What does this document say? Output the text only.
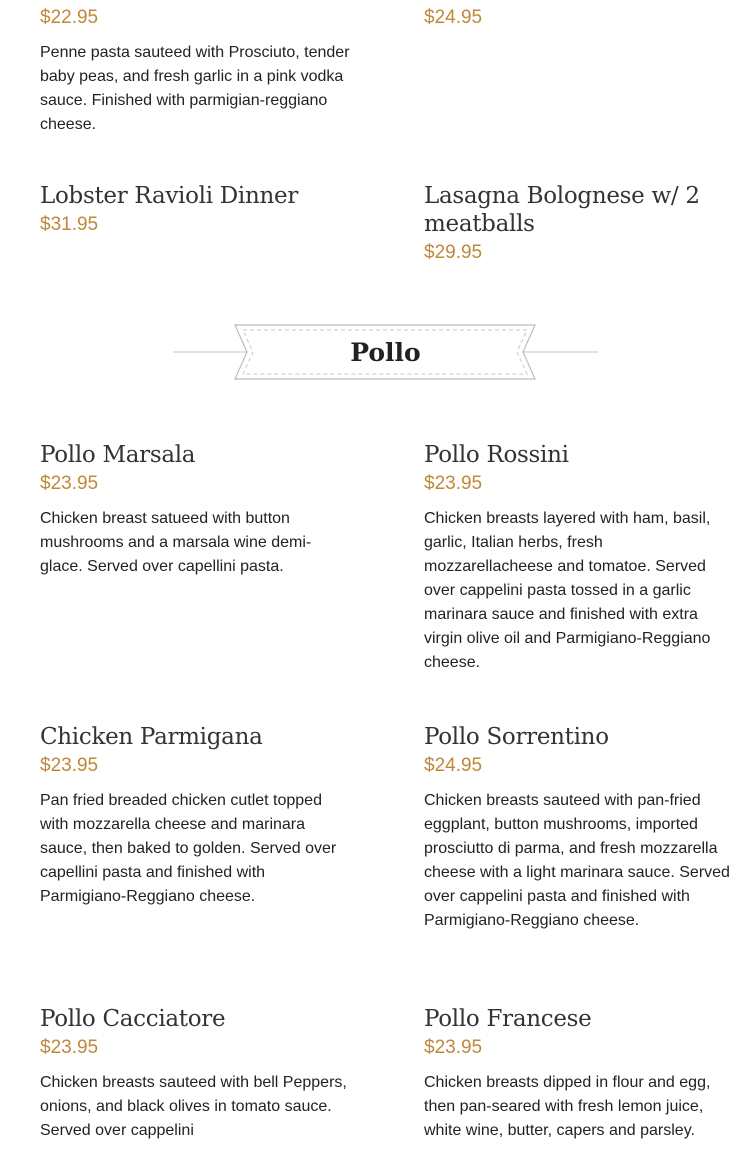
$22.95
Penne pasta sauteed with Prosciuto, tender baby peas, and fresh garlic in a pink vodka sauce. Finished with parmigian-reggiano cheese.
$24.95
Lobster Ravioli Dinner
$31.95
Lasagna Bolognese w/ 2 meatballs
$29.95
Pollo
Pollo Marsala
$23.95
Chicken breast satueed with button mushrooms and a marsala wine demi-glace. Served over capellini pasta.
Pollo Rossini
$23.95
Chicken breasts layered with ham, basil, garlic, Italian herbs, fresh mozzarellacheese and tomatoe. Served over cappelini pasta tossed in a garlic marinara sauce and finished with extra virgin olive oil and Parmigiano-Reggiano cheese.
Chicken Parmigana
$23.95
Pan fried breaded chicken cutlet topped with mozzarella cheese and marinara sauce, then baked to golden. Served over capellini pasta and finished with Parmigiano-Reggiano cheese.
Pollo Sorrentino
$24.95
Chicken breasts sauteed with pan-fried eggplant, button mushrooms, imported prosciutto di parma, and fresh mozzarella cheese with a light marinara sauce. Served over cappelini pasta and finished with Parmigiano-Reggiano cheese.
Pollo Cacciatore
$23.95
Chicken breasts sauteed with bell Peppers, onions, and black olives in tomato sauce. Served over cappelini
Pollo Francese
$23.95
Chicken breasts dipped in flour and egg, then pan-seared with fresh lemon juice, white wine, butter, capers and parsley.
